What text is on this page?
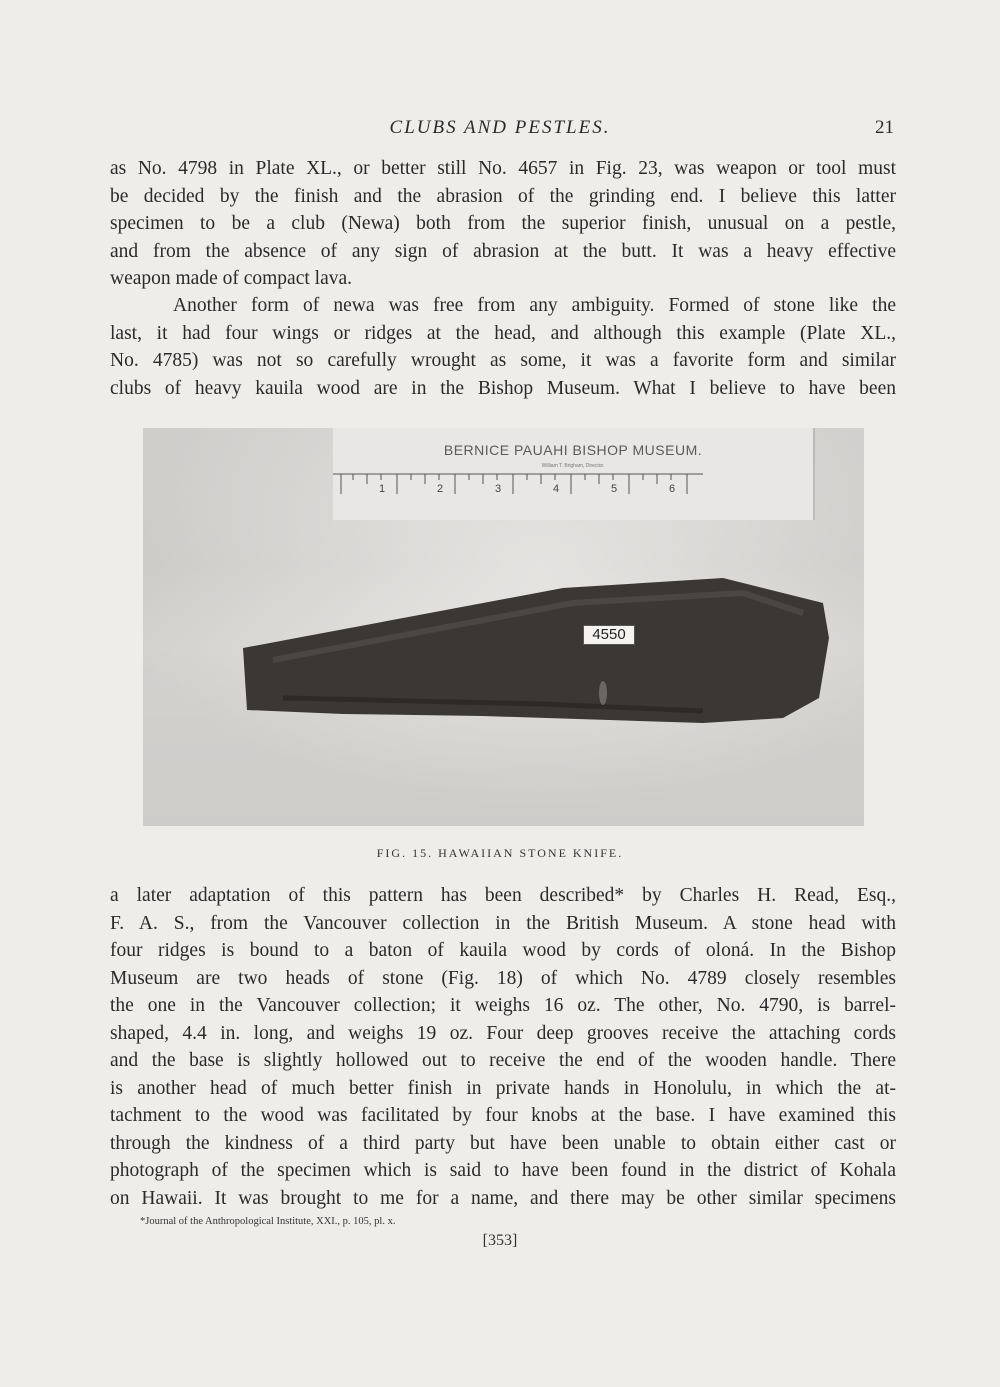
CLUBS AND PESTLES.	21
as No. 4798 in Plate XL., or better still No. 4657 in Fig. 23, was weapon or tool must
be decided by the finish and the abrasion of the grinding end. I believe this latter
specimen to be a club (Newa) both from the superior finish, unusual on a pestle,
and from the absence of any sign of abrasion at the butt. It was a heavy effective
weapon made of compact lava.
Another form of newa was free from any ambiguity. Formed of stone like the
last, it had four wings or ridges at the head, and although this example (Plate XL.,
No. 4785) was not so carefully wrought as some, it was a favorite form and similar
clubs of heavy kauila wood are in the Bishop Museum. What I believe to have been
BERNICE PAUAHI BISHOP MUSEUM.
William T. Brigham, Director.
1	2	3	4	5	6
4550
FIG. 15. HAWAIIAN STONE KNIFE.
a later adaptation of this pattern has been described* by Charles H. Read, Esq.,
F. A. S., from the Vancouver collection in the British Museum. A stone head with
four ridges is bound to a baton of kauila wood by cords of oloná. In the Bishop
Museum are two heads of stone (Fig. 18) of which No. 4789 closely resembles
the one in the Vancouver collection; it weighs 16 oz. The other, No. 4790, is barrel-
shaped, 4.4 in. long, and weighs 19 oz. Four deep grooves receive the attaching cords
and the base is slightly hollowed out to receive the end of the wooden handle. There
is another head of much better finish in private hands in Honolulu, in which the at-
tachment to the wood was facilitated by four knobs at the base. I have examined this
through the kindness of a third party but have been unable to obtain either cast or
photograph of the specimen which is said to have been found in the district of Kohala
on Hawaii. It was brought to me for a name, and there may be other similar specimens
*Journal of the Anthropological Institute, XXI., p. 105, pl. x.
[353]
